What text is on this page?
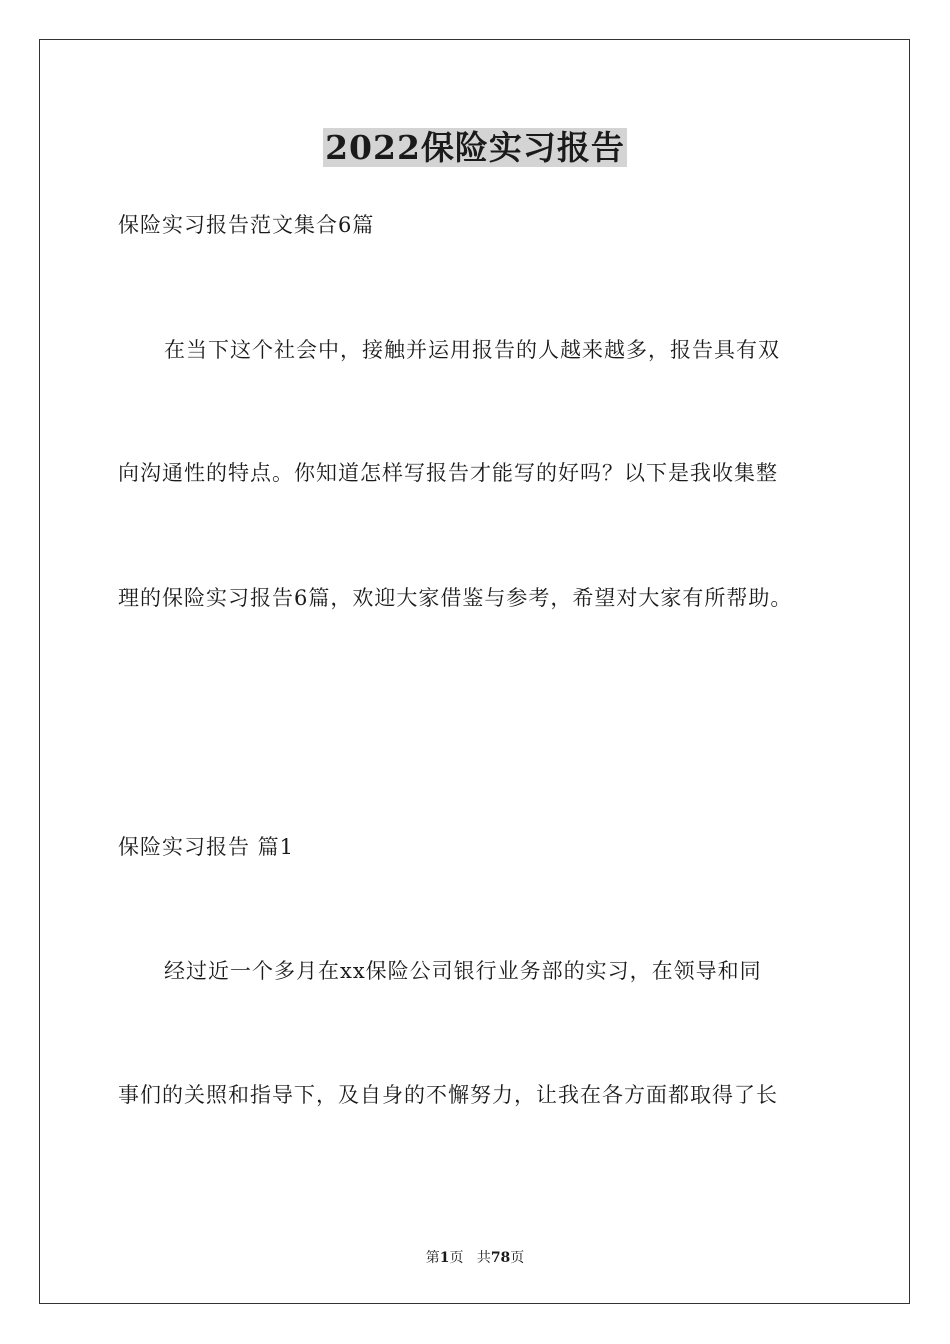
2022保险实习报告
保险实习报告范文集合6篇
在当下这个社会中，接触并运用报告的人越来越多，报告具有双
向沟通性的特点。你知道怎样写报告才能写的好吗？以下是我收集整
理的保险实习报告6篇，欢迎大家借鉴与参考，希望对大家有所帮助。
保险实习报告 篇1
经过近一个多月在xx保险公司银行业务部的实习，在领导和同
事们的关照和指导下，及自身的不懈努力，让我在各方面都取得了长
第1页 共78页
